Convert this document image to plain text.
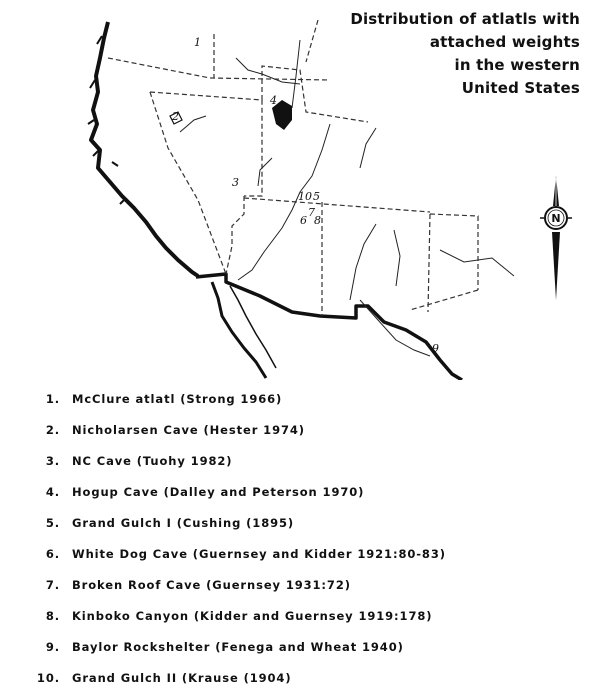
Distribution of atlatls with
attached weights
in the western
United States
1
2
3
4
10 5
6
7
8
9
N
1. McClure atlatl (Strong 1966)
2. Nicholarsen Cave (Hester 1974)
3. NC Cave (Tuohy 1982)
4. Hogup Cave (Dalley and Peterson 1970)
5. Grand Gulch I (Cushing (1895)
6. White Dog Cave (Guernsey and Kidder 1921:80-83)
7. Broken Roof Cave (Guernsey 1931:72)
8. Kinboko Canyon (Kidder and Guernsey 1919:178)
9. Baylor Rockshelter (Fenega and Wheat 1940)
10. Grand Gulch II (Krause (1904)
